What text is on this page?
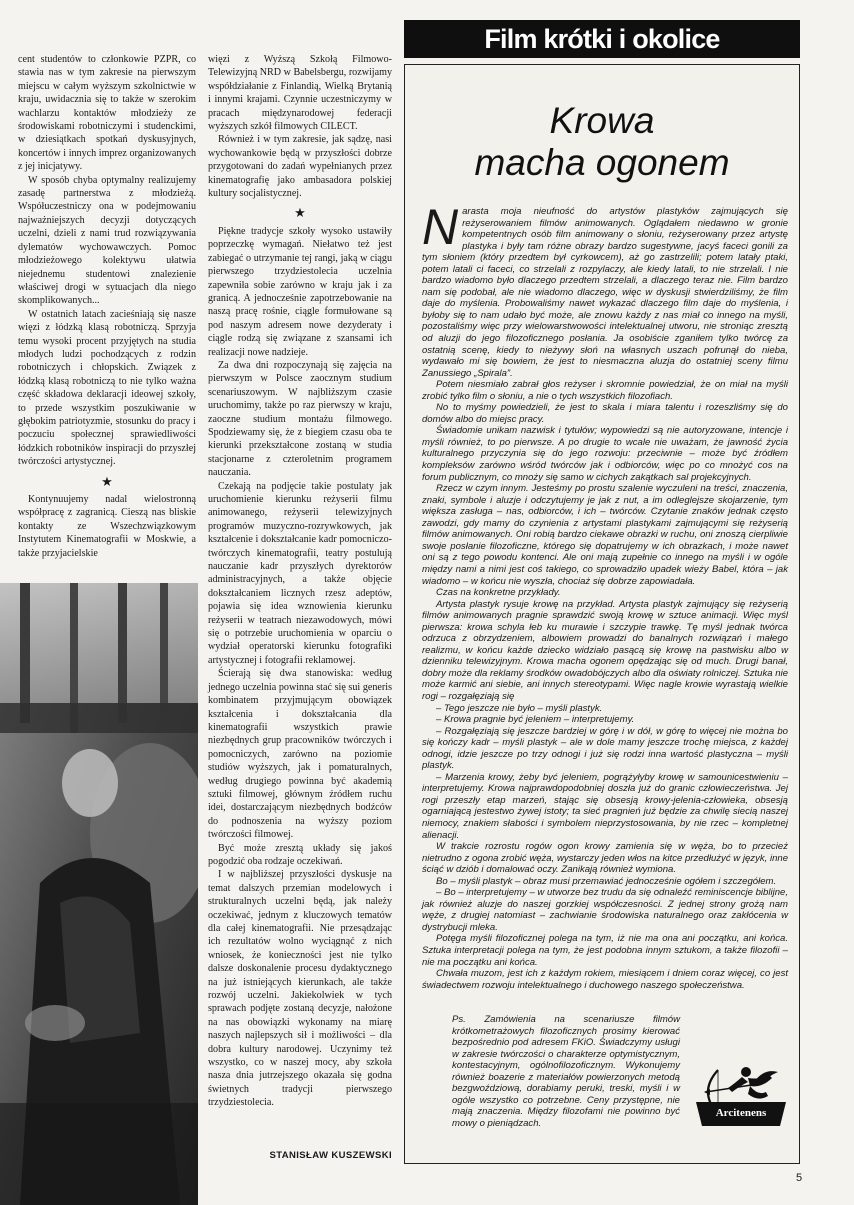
cent studentów to członkowie PZPR, co stawia nas w tym zakresie na pierwszym miejscu w całym wyższym szkolnictwie w kraju, uwidacznia się to także w szerokim wachlarzu kontaktów młodzieży ze środowiskami robotniczymi i studenckimi, w dziesiątkach spotkań dyskusyjnych, koncertów i innych imprez organizowanych z jej inicjatywy.

W sposób chyba optymalny realizujemy zasadę partnerstwa z młodzieżą. Współuczestniczy ona w podejmowaniu najważniejszych decyzji dotyczących uczelni, dzieli z nami trud rozwiązywania dylematów wychowawczych. Pomoc młodzieżowego kolektywu ułatwia niejednemu studentowi znalezienie właściwej drogi w sytuacjach dla niego skomplikowanych...

W ostatnich latach zacieśniają się nasze więzi z łódzką klasą robotniczą. Sprzyja temu wysoki procent przyjętych na studia młodych ludzi pochodzących z rodzin robotniczych i chłopskich. Związek z łódzką klasą robotniczą to nie tylko ważna część składowa deklaracji ideowej szkoły, to przede wszystkim poszukiwanie w głębokim patriotyzmie, stosunku do pracy i poczuciu społecznej sprawiedliwości łódzkich robotników inspiracji do przyszłej twórczości artystycznej.

★

Kontynuujemy nadal wielostronną współpracę z zagranicą. Cieszą nas bliskie kontakty ze Wszechzwiązkowym Instytutem Kinematografii w Moskwie, a także przyjacielskie

więzi z Wyższą Szkołą Filmowo-Telewizyjną NRD w Babelsbergu, rozwijamy współdziałanie z Finlandią, Wielką Brytanią i innymi krajami. Czynnie uczestniczymy w pracach międzynarodowej federacji wyższych szkół filmowych CILECT.

Również i w tym zakresie, jak sądzę, nasi wychowankowie będą w przyszłości dobrze przygotowani do zadań wypełnianych przez kinematografię jako ambasadora polskiej kultury socjalistycznej.

★

Piękne tradycje szkoły wysoko ustawiły poprzeczkę wymagań. Niełatwo też jest zabiegać o utrzymanie tej rangi, jaką w ciągu pierwszego trzydziestolecia uczelnia zapewniła sobie zarówno w kraju jak i za granicą. A jednocześnie zapotrzebowanie na naszą pracę rośnie, ciągle formułowane są pod naszym adresem nowe dezyderaty i ciągle rodzą się związane z szansami ich realizacji nowe nadzieje.

Za dwa dni rozpoczynają się zajęcia na pierwszym w Polsce zaocznym studium scenariuszowym. W najbliższym czasie uruchomimy, także po raz pierwszy w kraju, zaoczne studium montażu filmowego. Spodziewamy się, że z biegiem czasu oba te kierunki przekształcone zostaną w studia stacjonarne z czteroletnim programem nauczania.

Czekają na podjęcie takie postulaty jak uruchomienie kierunku reżyserii filmu animowanego, reżyserii telewizyjnych programów muzyczno-rozrywkowych, jak kształcenie i dokształcanie kadr pomocniczo-twórczych kinematografii, teatry postulują nauczanie kadr przyszłych dyrektorów administracyjnych, a także objęcie dokształcaniem licznych rzesz adeptów, pojawia się idea wznowienia kierunku reżyserii w teatrach niezawodowych, mówi się o potrzebie uruchomienia w oparciu o wydział operatorski kierunku fotografiki artystycznej i fotografii reklamowej.

Ścierają się dwa stanowiska: według jednego uczelnia powinna stać się sui generis kombinatem przyjmującym obowiązek kształcenia i dokształcania dla kinematografii wszystkich prawie niezbędnych grup pracowników twórczych i pomocniczych, zarówno na poziomie studiów wyższych, jak i pomaturalnych, według drugiego powinna być akademią sztuki filmowej, głównym źródłem ruchu idei, dostarczającym niezbędnych bodźców do podnoszenia na wyższy poziom twórczości filmowej.

Być może zresztą układy się jakoś pogodzić oba rodzaje oczekiwań.

I w najbliższej przyszłości dyskusje na temat dalszych przemian modelowych i strukturalnych uczelni będą, jak należy oczekiwać, jednym z kluczowych tematów dla całej kinematografii. Nie przesądzając ich rezultatów wolno wyciągnąć z nich wniosek, że konieczności jest nie tylko dalsze doskonalenie procesu dydaktycznego na już istniejących kierunkach, ale także rozwój uczelni. Jakiekolwiek w tych sprawach podjęte zostaną decyzje, nałożone na nas obowiązki wykonamy na miarę naszych najlepszych sił i możliwości – dla dobra kultury narodowej. Uczynimy też wszystko, co w naszej mocy, aby szkoła nasza dnia jutrzejszego okazała się godna świetnych tradycji pierwszego trzydziestolecia.

STANISŁAW KUSZEWSKI
Film krótki i okolice
Krowa
macha ogonem

Narasta moja nieufność do artystów plastyków zajmujących się reżyserowaniem filmów animowanych. Oglądałem niedawno w gronie kompetentnych osób film animowany o słoniu, reżyserowany przez artystę plastyka i były tam różne obrazy bardzo sugestywne, jacyś faceci gonili za tym słoniem (który przedtem był cyrkowcem), aż go zastrzelili; potem latały ptaki, potem latali ci faceci, co strzelali z rozpylaczy, ale kiedy latali, to nie strzelali. I nie bardzo wiadomo było dlaczego przedtem strzelali, a dlaczego teraz nie. Film bardzo nam się podobał, ale nie wiadomo dlaczego, więc w dyskusji stwierdziliśmy, że film daje do myślenia. Probowaliśmy nawet wykazać dlaczego film daje do myślenia, i byłoby się to nam udało być może, ale znowu każdy z nas miał co innego na myśli, pozostaliśmy więc przy wielowarstwowości intelektualnej utworu, nie stroniąc zresztą od aluzji do jego filozoficznego posłania. Ja osobiście zganiłem tylko twórcę za ostatnią scenę, kiedy to nieżywy słoń na własnych uszach pofrunął do nieba, wydawało mi się bowiem, że jest to niesmaczna aluzja do ostatniej sceny filmu Zanussiego „Spirala”.

Potem niesmiało zabrał głos reżyser i skromnie powiedział, że on miał na myśli zrobić tylko film o słoniu, a nie o tych wszystkich filozofiach.

No to myśmy powiedzieli, że jest to skala i miara talentu i rozeszliśmy się do domów albo do miejsc pracy.

Świadomie unikam nazwisk i tytułów; wypowiedzi są nie autoryzowane, intencje i myśli również, to po pierwsze. A po drugie to wcale nie uważam, że jawność życia kulturalnego przyczynia się do jego rozwoju: przeciwnie – może być źródłem kompleksów zarówno wśród twórców jak i odbiorców, więc po co mnożyć cos na forum publicznym, co mnoży się samo w cichych zakątkach sal projekcyjnych.

Rzecz w czym innym. Jesteśmy po prostu szalenie wyczuleni na treści, znaczenia, znaki, symbole i aluzje i odczytujemy je jak z nut, a im odleglejsze skojarzenie, tym większa zasługa – nas, odbiorców, i ich – twórców. Czytanie znaków jednak często zawodzi, gdy mamy do czynienia z artystami plastykami zajmującymi się reżyserią filmów animowanych. Oni robią bardzo ciekawe obrazki w ruchu, oni znoszą cierpliwie swoje posłanie filozoficzne, którego się dopatrujemy w ich obrazkach, i może nawet oni są z tego powodu kontenci. Ale oni mają zupełnie co innego na myśli i w ogóle między nami a nimi jest coś takiego, co sprowadziło upadek wieży Babel, która – jak wiadomo – w końcu nie wyszła, chociaż się dobrze zapowiadała.

Czas na konkretne przykłady.

Artysta plastyk rysuje krowę na przykład. Artysta plastyk zajmujący się reżyserią filmów animowanych pragnie sprawdzić swoją krowę w sztuce animacji. Więc myśl pierwsza: krowa schyla łeb ku murawie i szczypie trawkę. Tę myśl jednak twórca odrzuca z obrzydzeniem, albowiem prowadzi do banalnych rozwiązań i małego realizmu, w końcu każde dziecko widziało pasącą się krowę na pastwisku albo w dzienniku telewizyjnym. Krowa macha ogonem opędzając się od much. Drugi banał, dobry może dla reklamy środków owadobójczych albo dla oświaty rolniczej. Sztuka nie może karmić ani siebie, ani innych stereotypami. Więc nagle krowie wyrastają wielkie rogi – rozgałęziają się

– Tego jeszcze nie było – myśli plastyk.

– Krowa pragnie być jeleniem – interpretujemy.

– Rozgałęziają się jeszcze bardziej w górę i w dół, w górę to więcej nie można bo się kończy kadr – myśli plastyk – ale w dole mamy jeszcze trochę miejsca, z każdej odnogi, idzie jeszcze po trzy odnogi i już się rodzi inna wartość plastyczna – myśli plastyk.

– Marzenia krowy, żeby być jeleniem, pogrążyłyby krowę w samounicestwieniu – interpretujemy. Krowa najprawdopodobniej doszła już do granic człowieczeństwa. Jej rogi przeszły etap marzeń, stając się obsesją krowy-jelenia-człowieka, obsesją ogarniającą jestestwo żywej istoty; ta sieć pragnień już będzie za chwilę siecią naszej niemocy, znakiem słabości i symbolem nieprzystosowania, by nie rzec – kompletnej alienacji.

W trakcie rozrostu rogów ogon krowy zamienia się w węża, bo to przecież nietrudno z ogona zrobić węża, wystarczy jeden włos na kitce przedłużyć w język, inne ściąć w dziób i domalować oczy. Zanikają również wymiona.

Bo – myśli plastyk – obraz musi przemawiać jednocześnie ogółem i szczegółem.

– Bo – interpretujemy – w utworze bez trudu da się odnaleźć reminiscencje biblijne, jak również aluzje do naszej gorzkiej współczesności. Z jednej strony grożą nam węże, z drugiej natomiast – zachwianie środowiska naturalnego oraz zakłócenia w dystrybucji mleka.

Potęga myśli filozoficznej polega na tym, iż nie ma ona ani początku, ani końca. Sztuka interpretacji polega na tym, że jest podobna innym sztukom, a także filozofii – nie ma początku ani końca.

Chwała muzom, jest ich z każdym rokiem, miesiącem i dniem coraz więcej, co jest świadectwem rozwoju intelektualnego i duchowego naszego społeczeństwa.

Ps. Zamówienia na scenariusze filmów krótkometrażowych filozoficznych prosimy kierować bezpośrednio pod adresem FKiO. Świadczymy usługi w zakresie twórczości o charakterze optymistycznym, kontestacyjnym, ogólnofilozoficznym. Wykonujemy również boazerie z materiałów powierzonych metodą bezgwoździową, dorabiamy peruki, treski, myśli i w ogóle wszystko co potrzebne. Ceny przystępne, nie mają znaczenia. Między filozofami nie powinno być mowy o pieniądzach.

Arcitenens
5
